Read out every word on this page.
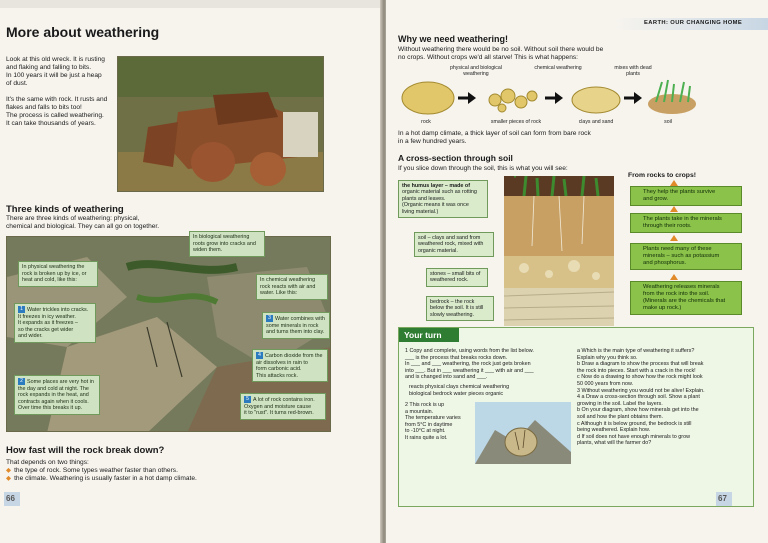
More about weathering
Look at this old wreck. It is rusting
and flaking and falling to bits.
In 100 years it will be just a heap
of dust.
It's the same with rock. It rusts and
flakes and falls to bits too!
The process is called weathering.
It can take thousands of years.
Three kinds of weathering
There are three kinds of weathering: physical,
chemical and biological. They can all go on together.
In biological weathering
roots grow into cracks and
widen them.
In physical weathering the
rock is broken up by ice, or
heat and cold, like this:	In chemical weathering
rock reacts with air and
water. Like this:
1 Water trickles into cracks.
It freezes in icy weather.
It expands as it freezes –
so the cracks get wider
and wider.
3 Water combines with
some minerals in rock
and turns them into clay.
4 Carbon dioxide from the
air dissolves in rain to
form carbonic acid.
This attacks rock.
2 Some places are very hot in
the day and cold at night. The
rock expands in the heat, and
contracts again when it cools.
Over time this breaks it up.
5 A lot of rock contains iron.
Oxygen and moisture cause
it to "rust". It turns red-brown.
How fast will the rock break down?
That depends on two things:
◆ the type of rock. Some types weather faster than others.
◆ the climate. Weathering is usually faster in a hot damp climate.
66
EARTH: OUR CHANGING HOME
Why we need weathering!
Without weathering there would be no soil. Without soil there would be
no crops. Without crops we'd all starve! This is what happens:
physical and biological weathering
chemical weathering	mixes with dead plants
rock	smaller pieces of rock	clays and sand	soil
In a hot damp climate, a thick layer of soil can form from bare rock
in a few hundred years.
A cross-section through soil
If you slice down through the soil, this is what you will see:
the humus layer – made of
organic material such as rotting
plants and leaves.
(Organic means it was once
living material.)
soil – clays and sand from
weathered rock, mixed with
organic material.
stones – small bits of
weathered rock.
bedrock – the rock
below the soil. It is still
slowly weathering.
From rocks to crops!
They help the plants survive
and grow.
The plants take in the minerals
through their roots.
Plants need many of these
minerals – such as potassium
and phosphorus.
Weathering releases minerals
from the rock into the soil.
(Minerals are the chemicals that
make up rock.)
Your turn
1 Copy and complete, using words from the list below.
___ is the process that breaks rocks down.
In ___ and ___ weathering, the rock just gets broken
into ___. But in ___ weathering it ___ with air and ___
and is changed into sand and ___.
reacts physical clays chemical weathering
biological bedrock water pieces organic
2 This rock is up
a mountain.
The temperature varies
from 5°C in daytime
to -10°C at night.
It rains quite a lot.
a Which is the main type of weathering it suffers?
Explain why you think so.
b Draw a diagram to show the process that will break
the rock into pieces. Start with a crack in the rock!
c Now do a drawing to show how the rock might look
50 000 years from now.
3 Without weathering you would not be alive! Explain.
4 a Draw a cross-section through soil. Show a plant
growing in the soil. Label the layers.
b On your diagram, show how minerals get into the
soil and how the plant obtains them.
c Although it is below ground, the bedrock is still
being weathered. Explain how.
d If soil does not have enough minerals to grow
plants, what will the farmer do?
67
